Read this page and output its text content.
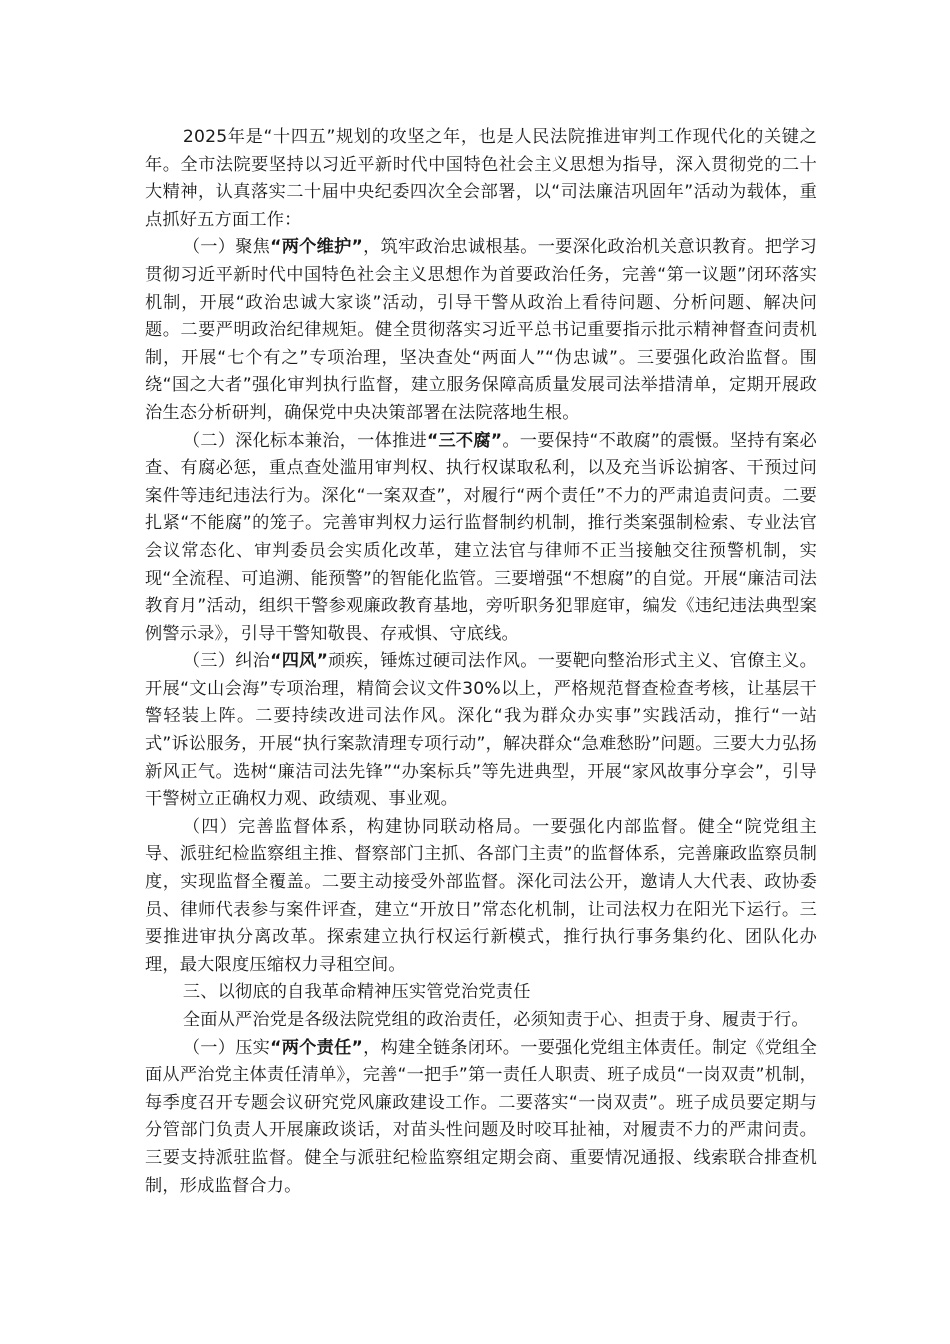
2025年是“十四五”规划的攻坚之年，也是人民法院推进审判工作现代化的关键之年。全市法院要坚持以习近平新时代中国特色社会主义思想为指导，深入贯彻党的二十大精神，认真落实二十届中央纪委四次全会部署，以“司法廉洁巩固年”活动为载体，重点抓好五方面工作：

（一）聚焦“两个维护”，筑牢政治忠诚根基。一要深化政治机关意识教育。把学习贯彻习近平新时代中国特色社会主义思想作为首要政治任务，完善“第一议题”闭环落实机制，开展“政治忠诚大家谈”活动，引导干警从政治上看待问题、分析问题、解决问题。二要严明政治纪律规矩。健全贯彻落实习近平总书记重要指示批示精神督查问责机制，开展“七个有之”专项治理，坚决查处“两面人”“伪忠诚”。三要强化政治监督。围绕“国之大者”强化审判执行监督，建立服务保障高质量发展司法举措清单，定期开展政治生态分析研判，确保党中央决策部署在法院落地生根。

（二）深化标本兼治，一体推进“三不腐”。一要保持“不敢腐”的震慑。坚持有案必查、有腐必惩，重点查处滥用审判权、执行权谋取私利，以及充当诉讼掮客、干预过问案件等违纪违法行为。深化“一案双查”，对履行“两个责任”不力的严肃追责问责。二要扎紧“不能腐”的笼子。完善审判权力运行监督制约机制，推行类案强制检索、专业法官会议常态化、审判委员会实质化改革，建立法官与律师不正当接触交往预警机制，实现“全流程、可追溯、能预警”的智能化监管。三要增强“不想腐”的自觉。开展“廉洁司法教育月”活动，组织干警参观廉政教育基地，旁听职务犯罪庭审，编发《违纪违法典型案例警示录》，引导干警知敬畏、存戒惧、守底线。

（三）纠治“四风”顽疾，锤炼过硬司法作风。一要靶向整治形式主义、官僚主义。开展“文山会海”专项治理，精简会议文件30%以上，严格规范督查检查考核，让基层干警轻装上阵。二要持续改进司法作风。深化“我为群众办实事”实践活动，推行“一站式”诉讼服务，开展“执行案款清理专项行动”，解决群众“急难愁盼”问题。三要大力弘扬新风正气。选树“廉洁司法先锋”“办案标兵”等先进典型，开展“家风故事分享会”，引导干警树立正确权力观、政绩观、事业观。

（四）完善监督体系，构建协同联动格局。一要强化内部监督。健全“院党组主导、派驻纪检监察组主推、督察部门主抓、各部门主责”的监督体系，完善廉政监察员制度，实现监督全覆盖。二要主动接受外部监督。深化司法公开，邀请人大代表、政协委员、律师代表参与案件评查，建立“开放日”常态化机制，让司法权力在阳光下运行。三要推进审执分离改革。探索建立执行权运行新模式，推行执行事务集约化、团队化办理，最大限度压缩权力寻租空间。

三、以彻底的自我革命精神压实管党治党责任

全面从严治党是各级法院党组的政治责任，必须知责于心、担责于身、履责于行。

（一）压实“两个责任”，构建全链条闭环。一要强化党组主体责任。制定《党组全面从严治党主体责任清单》，完善“一把手”第一责任人职责、班子成员“一岗双责”机制，每季度召开专题会议研究党风廉政建设工作。二要落实“一岗双责”。班子成员要定期与分管部门负责人开展廉政谈话，对苗头性问题及时咬耳扯袖，对履责不力的严肃问责。三要支持派驻监督。健全与派驻纪检监察组定期会商、重要情况通报、线索联合排查机制，形成监督合力。
